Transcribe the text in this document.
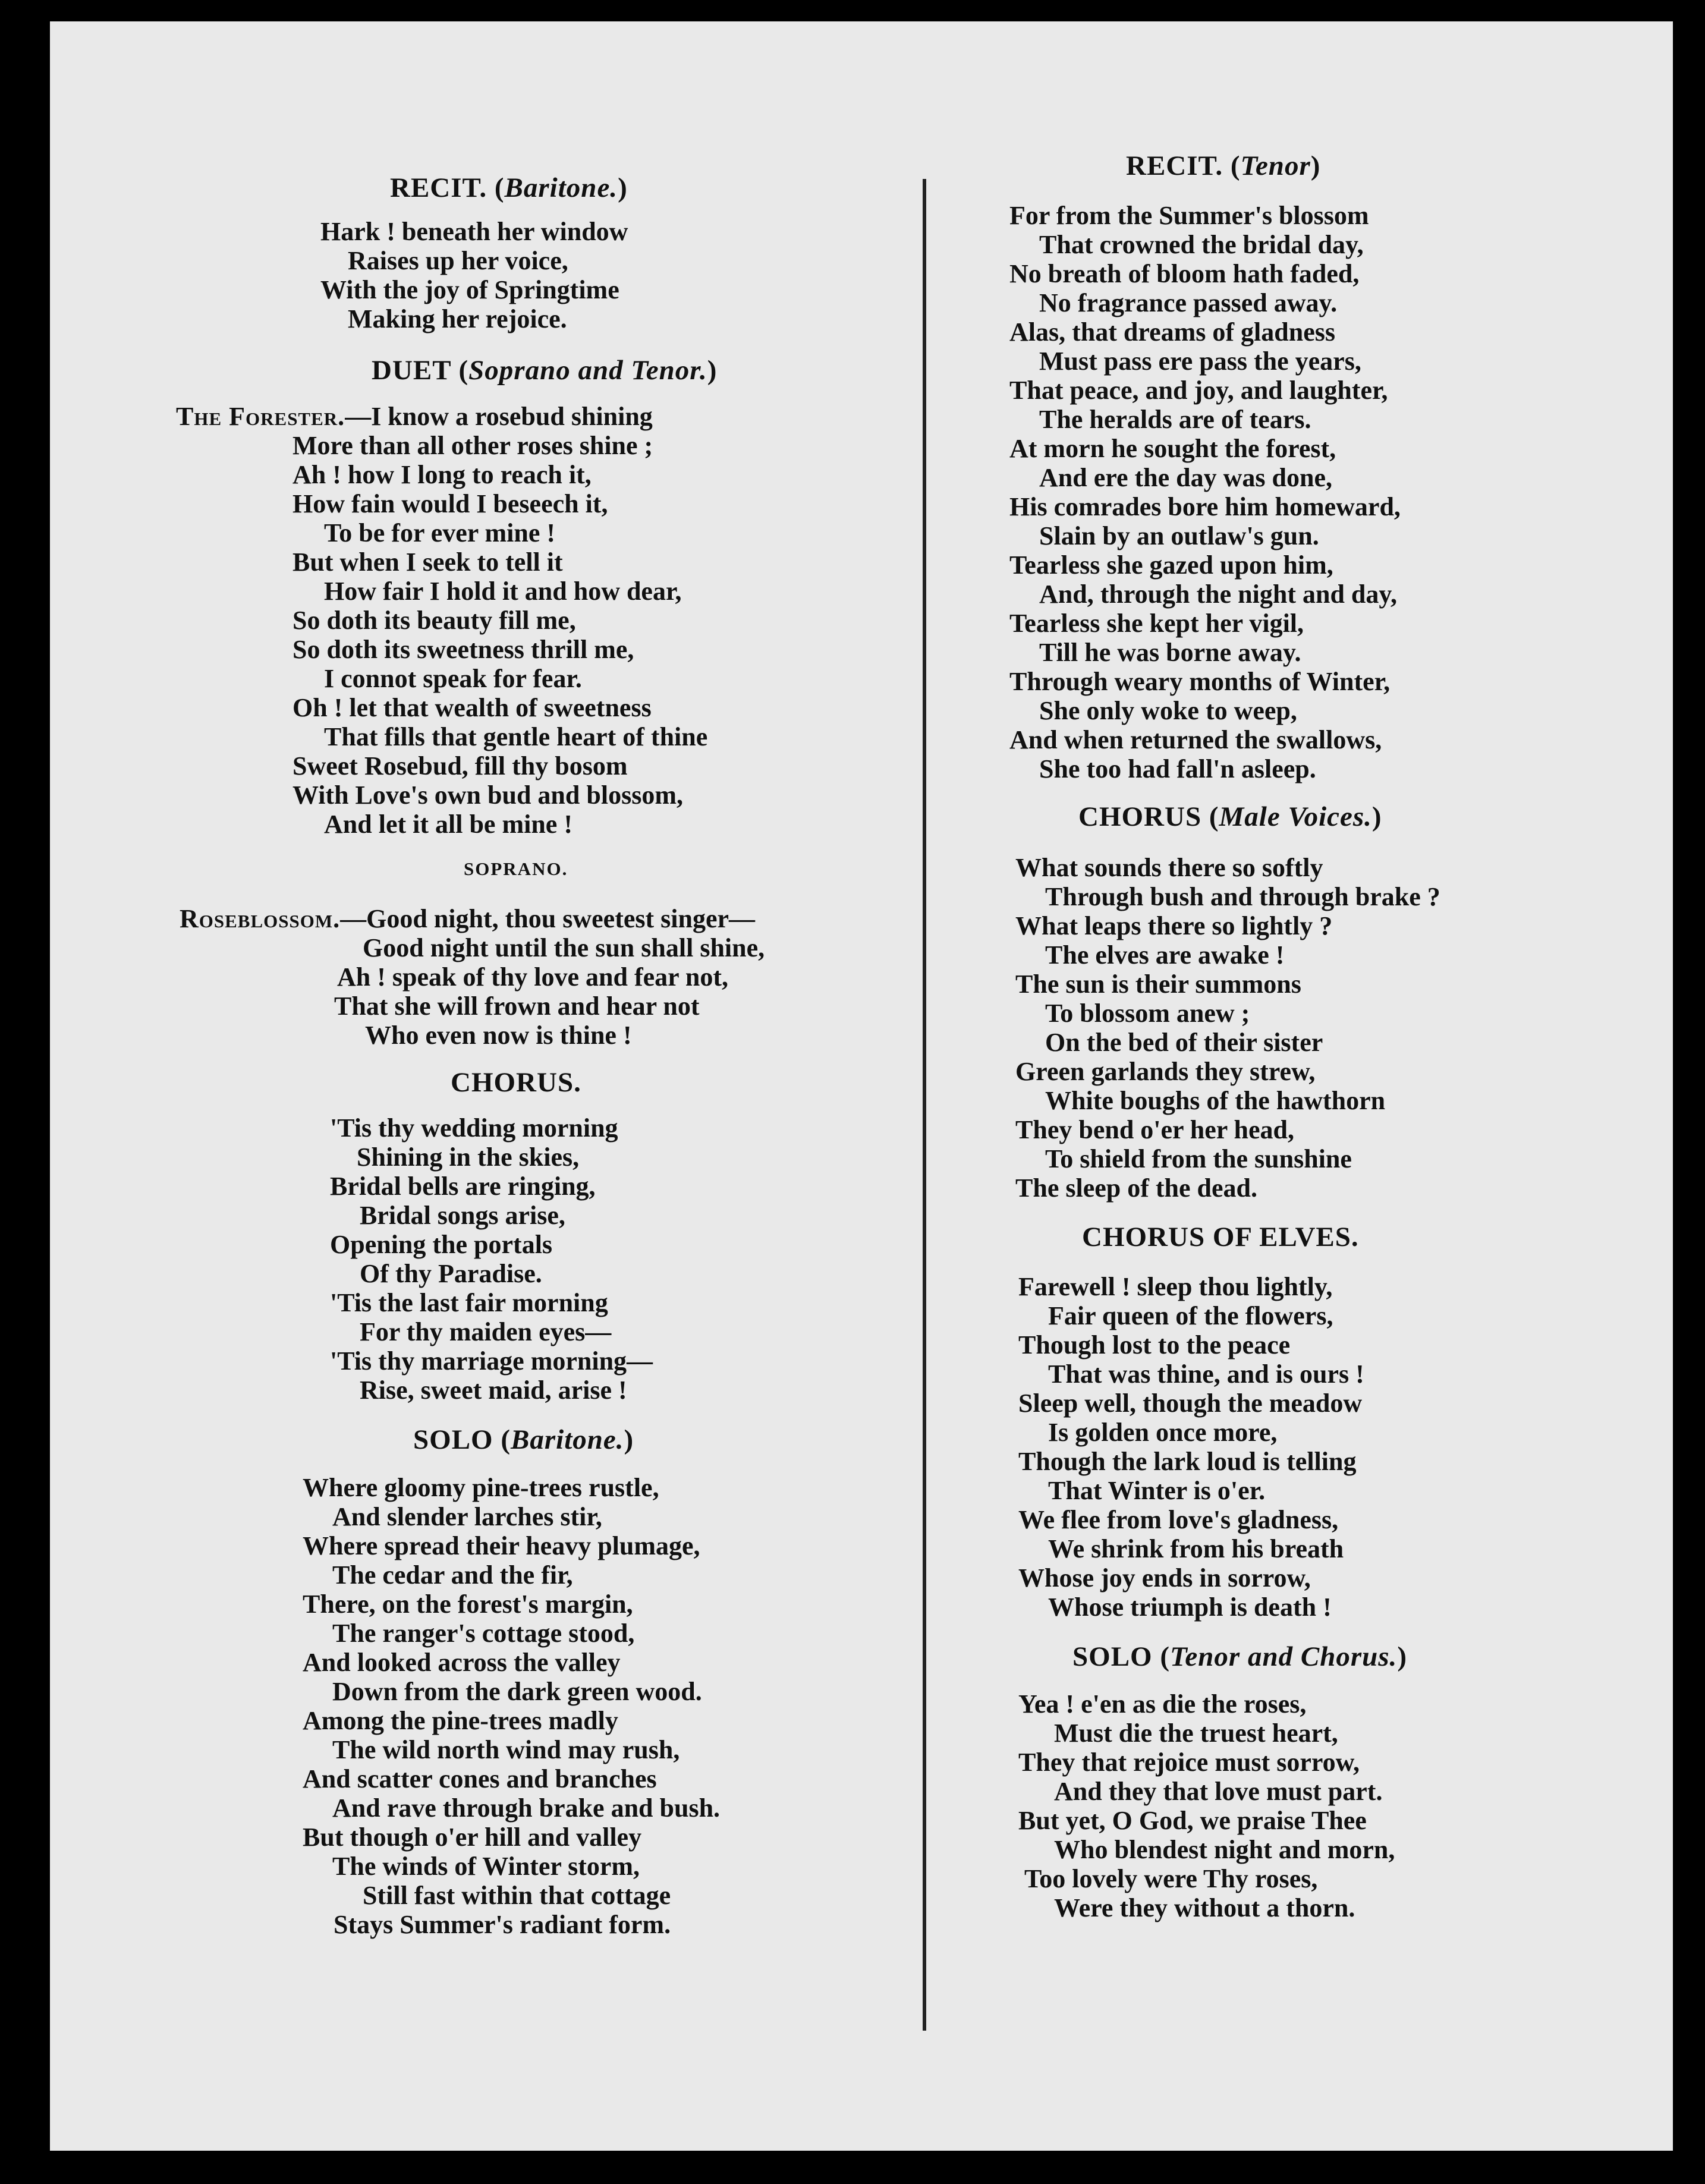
RECIT. (Baritone.)
Hark ! beneath her window
Raises up her voice,
With the joy of Springtime
Making her rejoice.
DUET (Soprano and Tenor.)
The Forester.—I know a rosebud shining
More than all other roses shine ;
Ah ! how I long to reach it,
How fain would I beseech it,
To be for ever mine !
But when I seek to tell it
How fair I hold it and how dear,
So doth its beauty fill me,
So doth its sweetness thrill me,
I connot speak for fear.
Oh ! let that wealth of sweetness
That fills that gentle heart of thine
Sweet Rosebud, fill thy bosom
With Love's own bud and blossom,
And let it all be mine !
SOPRANO.
Roseblossom.—Good night, thou sweetest singer—
Good night until the sun shall shine,
Ah ! speak of thy love and fear not,
That she will frown and hear not
Who even now is thine !
CHORUS.
'Tis thy wedding morning
Shining in the skies,
Bridal bells are ringing,
Bridal songs arise,
Opening the portals
Of thy Paradise.
'Tis the last fair morning
For thy maiden eyes—
'Tis thy marriage morning—
Rise, sweet maid, arise !
SOLO (Baritone.)
Where gloomy pine-trees rustle,
And slender larches stir,
Where spread their heavy plumage,
The cedar and the fir,
There, on the forest's margin,
The ranger's cottage stood,
And looked across the valley
Down from the dark green wood.
Among the pine-trees madly
The wild north wind may rush,
And scatter cones and branches
And rave through brake and bush.
But though o'er hill and valley
The winds of Winter storm,
Still fast within that cottage
Stays Summer's radiant form.
RECIT. (Tenor)
For from the Summer's blossom
That crowned the bridal day,
No breath of bloom hath faded,
No fragrance passed away.
Alas, that dreams of gladness
Must pass ere pass the years,
That peace, and joy, and laughter,
The heralds are of tears.
At morn he sought the forest,
And ere the day was done,
His comrades bore him homeward,
Slain by an outlaw's gun.
Tearless she gazed upon him,
And, through the night and day,
Tearless she kept her vigil,
Till he was borne away.
Through weary months of Winter,
She only woke to weep,
And when returned the swallows,
She too had fall'n asleep.
CHORUS (Male Voices.)
What sounds there so softly
Through bush and through brake ?
What leaps there so lightly ?
The elves are awake !
The sun is their summons
To blossom anew ;
On the bed of their sister
Green garlands they strew,
White boughs of the hawthorn
They bend o'er her head,
To shield from the sunshine
The sleep of the dead.
CHORUS OF ELVES.
Farewell ! sleep thou lightly,
Fair queen of the flowers,
Though lost to the peace
That was thine, and is ours !
Sleep well, though the meadow
Is golden once more,
Though the lark loud is telling
That Winter is o'er.
We flee from love's gladness,
We shrink from his breath
Whose joy ends in sorrow,
Whose triumph is death !
SOLO (Tenor and Chorus.)
Yea ! e'en as die the roses,
Must die the truest heart,
They that rejoice must sorrow,
And they that love must part.
But yet, O God, we praise Thee
Who blendest night and morn,
Too lovely were Thy roses,
Were they without a thorn.
